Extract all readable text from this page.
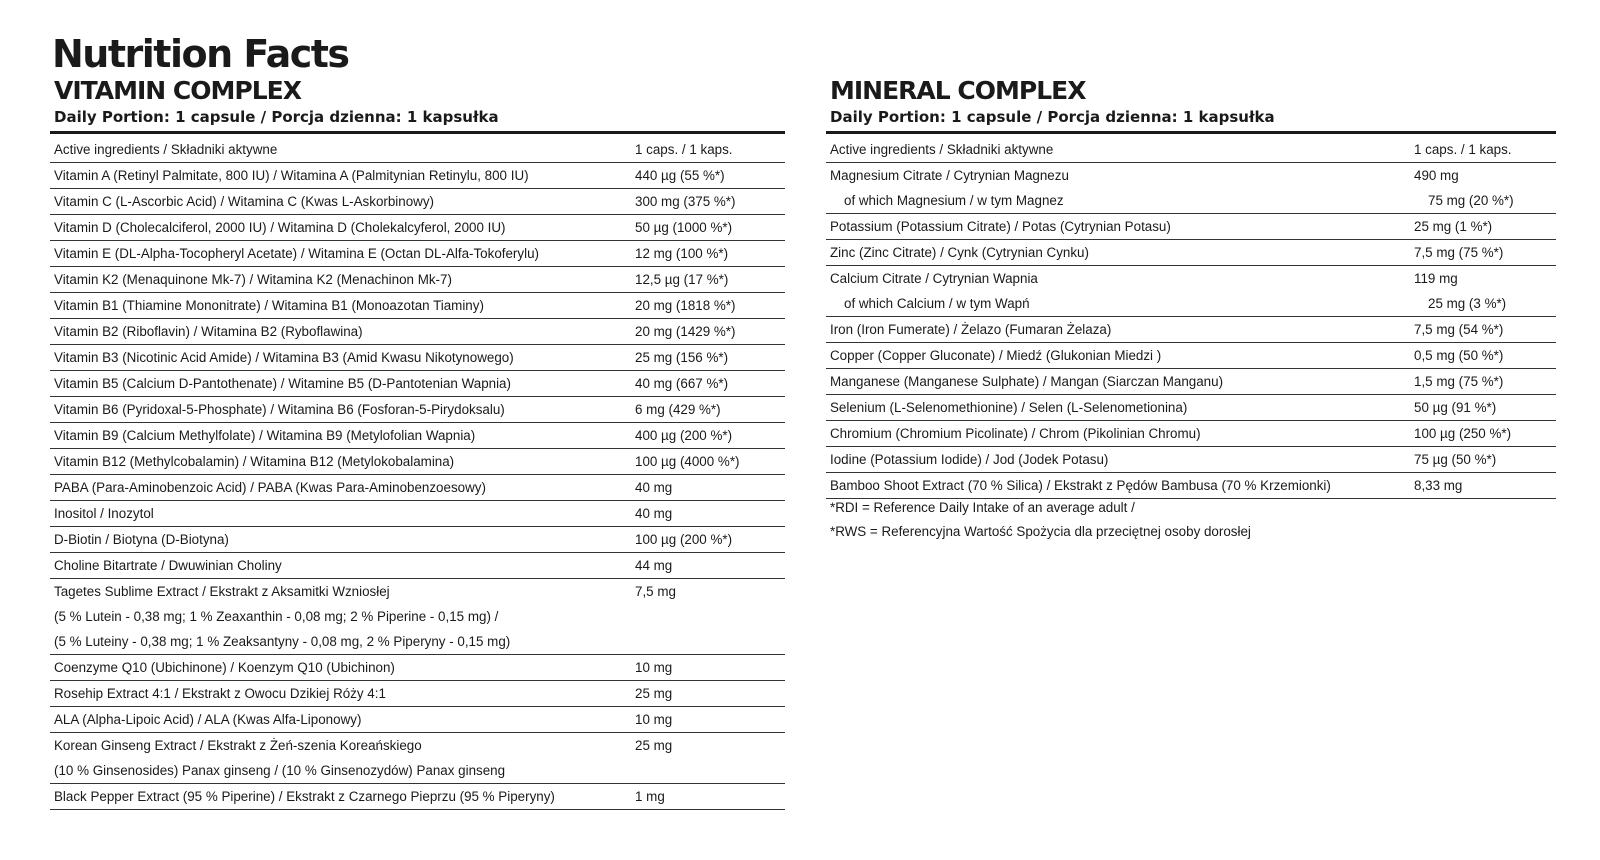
Nutrition Facts
VITAMIN COMPLEX
Daily Portion: 1 capsule / Porcja dzienna: 1 kapsułka
Active ingredients / Składniki aktywne	1 caps. / 1 kaps.
Vitamin A (Retinyl Palmitate, 800 IU) / Witamina A (Palmitynian Retinylu, 800 IU)	440 µg (55 %*)
Vitamin C (L-Ascorbic Acid) / Witamina C (Kwas L-Askorbinowy)	300 mg (375 %*)
Vitamin D (Cholecalciferol, 2000 IU) / Witamina D (Cholekalcyferol, 2000 IU)	50 µg (1000 %*)
Vitamin E (DL-Alpha-Tocopheryl Acetate) / Witamina E (Octan DL-Alfa-Tokoferylu)	12 mg (100 %*)
Vitamin K2 (Menaquinone Mk-7) / Witamina K2 (Menachinon Mk-7)	12,5 µg (17 %*)
Vitamin B1 (Thiamine Mononitrate) / Witamina B1 (Monoazotan Tiaminy)	20 mg (1818 %*)
Vitamin B2 (Riboflavin) / Witamina B2 (Ryboflawina)	20 mg (1429 %*)
Vitamin B3 (Nicotinic Acid Amide) / Witamina B3 (Amid Kwasu Nikotynowego)	25 mg (156 %*)
Vitamin B5 (Calcium D-Pantothenate) / Witamine B5 (D-Pantotenian Wapnia)	40 mg (667 %*)
Vitamin B6 (Pyridoxal-5-Phosphate) / Witamina B6 (Fosforan-5-Pirydoksalu)	6 mg (429 %*)
Vitamin B9 (Calcium Methylfolate) / Witamina B9 (Metylofolian Wapnia)	400 µg (200 %*)
Vitamin B12 (Methylcobalamin) / Witamina B12 (Metylokobalamina)	100 µg (4000 %*)
PABA (Para-Aminobenzoic Acid) / PABA (Kwas Para-Aminobenzoesowy)	40 mg
Inositol / Inozytol	40 mg
D-Biotin / Biotyna (D-Biotyna)	100 µg (200 %*)
Choline Bitartrate / Dwuwinian Choliny	44 mg
Tagetes Sublime Extract / Ekstrakt z Aksamitki Wzniosłej	7,5 mg
(5 % Lutein - 0,38 mg; 1 % Zeaxanthin - 0,08 mg; 2 % Piperine - 0,15 mg) /	
(5 % Luteiny - 0,38 mg; 1 % Zeaksantyny - 0,08 mg, 2 % Piperyny - 0,15 mg)	
Coenzyme Q10 (Ubichinone) / Koenzym Q10 (Ubichinon)	10 mg
Rosehip Extract 4:1 / Ekstrakt z Owocu Dzikiej Róży 4:1	25 mg
ALA (Alpha-Lipoic Acid) / ALA (Kwas Alfa-Liponowy)	10 mg
Korean Ginseng Extract / Ekstrakt z Żeń-szenia Koreańskiego	25 mg
(10 % Ginsenosides) Panax ginseng / (10 % Ginsenozydów) Panax ginseng	
Black Pepper Extract (95 % Piperine) / Ekstrakt z Czarnego Pieprzu (95 % Piperyny)	1 mg
MINERAL COMPLEX
Daily Portion: 1 capsule / Porcja dzienna: 1 kapsułka
Active ingredients / Składniki aktywne	1 caps. / 1 kaps.
Magnesium Citrate / Cytrynian Magnezu	490 mg
of which Magnesium / w tym Magnez	75 mg (20 %*)
Potassium (Potassium Citrate) / Potas (Cytrynian Potasu)	25 mg (1 %*)
Zinc (Zinc Citrate) / Cynk (Cytrynian Cynku)	7,5 mg (75 %*)
Calcium Citrate / Cytrynian Wapnia	119 mg
of which Calcium / w tym Wapń	25 mg (3 %*)
Iron (Iron Fumerate) / Żelazo (Fumaran Żelaza)	7,5 mg (54 %*)
Copper (Copper Gluconate) / Miedź (Glukonian Miedzi )	0,5 mg (50 %*)
Manganese (Manganese Sulphate) / Mangan (Siarczan Manganu)	1,5 mg (75 %*)
Selenium (L-Selenomethionine) / Selen (L-Selenometionina)	50 µg (91 %*)
Chromium (Chromium Picolinate) / Chrom (Pikolinian Chromu)	100 µg (250 %*)
Iodine (Potassium Iodide) / Jod (Jodek Potasu)	75 µg (50 %*)
Bamboo Shoot Extract (70 % Silica) / Ekstrakt z Pędów Bambusa (70 % Krzemionki)	8,33 mg
*RDI = Reference Daily Intake of an average adult /
*RWS = Referencyjna Wartość Spożycia dla przeciętnej osoby dorosłej
